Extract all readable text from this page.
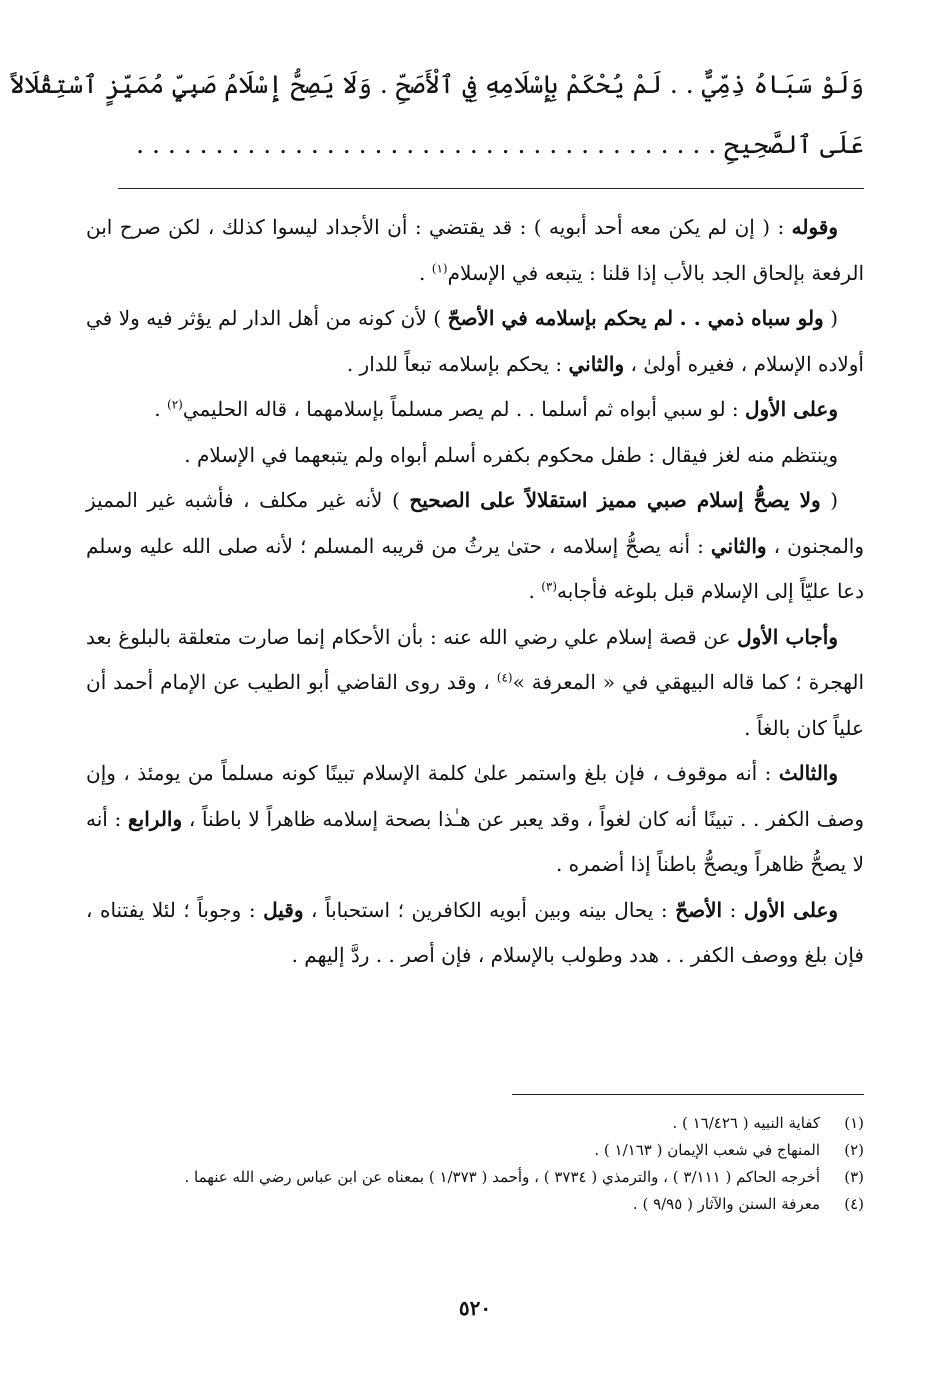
وَلَوْ سَبَاهُ ذِمِّيٌّ . . لَمْ يُحْكَمْ بِإِسْلَامِهِ فِي ٱلْأَصَحِّ . وَلَا يَصِحُّ إِسْلَامُ صَبِيٍّ مُمَيِّزٍ ٱسْتِقْلَالاً
عَلَى ٱلصَّحِيحِ. . . . . . . . . . . . . . . . . . . . . . . . . . . . . . . . . . . . .

وقوله : ( إن لم يكن معه أحد أبويه ) : قد يقتضي : أن الأجداد ليسوا كذلك ، لكن صرح ابن الرفعة بإلحاق الجد بالأب إذا قلنا : يتبعه في الإسلام$^{(١)}$ .

( ولو سباه ذمي . . لم يحكم بإسلامه في الأصحّ ) لأن كونه من أهل الدار لم يؤثر فيه ولا في أولاده الإسلام ، فغيره أولىٰ ، والثاني : يحكم بإسلامه تبعاً للدار .

وعلى الأول : لو سبي أبواه ثم أسلما . . لم يصر مسلماً بإسلامهما ، قاله الحليمي$^{(٢)}$ .

وينتظم منه لغز فيقال : طفل محكوم بكفره أسلم أبواه ولم يتبعهما في الإسلام .

( ولا يصحُّ إسلام صبي مميز استقلالاً على الصحيح ) لأنه غير مكلف ، فأشبه غير المميز والمجنون ، والثاني : أنه يصحُّ إسلامه ، حتىٰ يرثُ من قريبه المسلم ؛ لأنه صلى الله عليه وسلم دعا عليّاً إلى الإسلام قبل بلوغه فأجابه$^{(٣)}$ .

وأجاب الأول عن قصة إسلام علي رضي الله عنه : بأن الأحكام إنما صارت متعلقة بالبلوغ بعد الهجرة ؛ كما قاله البيهقي في « المعرفة »$^{(٤)}$ ، وقد روى القاضي أبو الطيب عن الإمام أحمد أن علياً كان بالغاً .

والثالث : أنه موقوف ، فإن بلغ واستمر علىٰ كلمة الإسلام تبينًا كونه مسلماً من يومئذ ، وإن وصف الكفر . . تبينًا أنه كان لغواً ، وقد يعبر عن هـٰذا بصحة إسلامه ظاهراً لا باطناً ، والرابع : أنه لا يصحُّ ظاهراً ويصحُّ باطناً إذا أضمره .

وعلى الأول : الأصحّ : يحال بينه وبين أبويه الكافرين ؛ استحباباً ، وقيل : وجوباً ؛ لئلا يفتناه ، فإن بلغ ووصف الكفر . . هدد وطولب بالإسلام ، فإن أصر . . ردَّ إليهم .

(١)
كفاية النبيه ( ١٦/٤٢٦ ) .
(٢)
المنهاج في شعب الإيمان ( ١/١٦٣ ) .
(٣)
أخرجه الحاكم ( ٣/١١١ ) ، والترمذي ( ٣٧٣٤ ) ، وأحمد ( ١/٣٧٣ ) بمعناه عن ابن عباس رضي الله عنهما .
(٤)
معرفة السنن والآثار ( ٩/٩٥ ) .
٥٢٠
